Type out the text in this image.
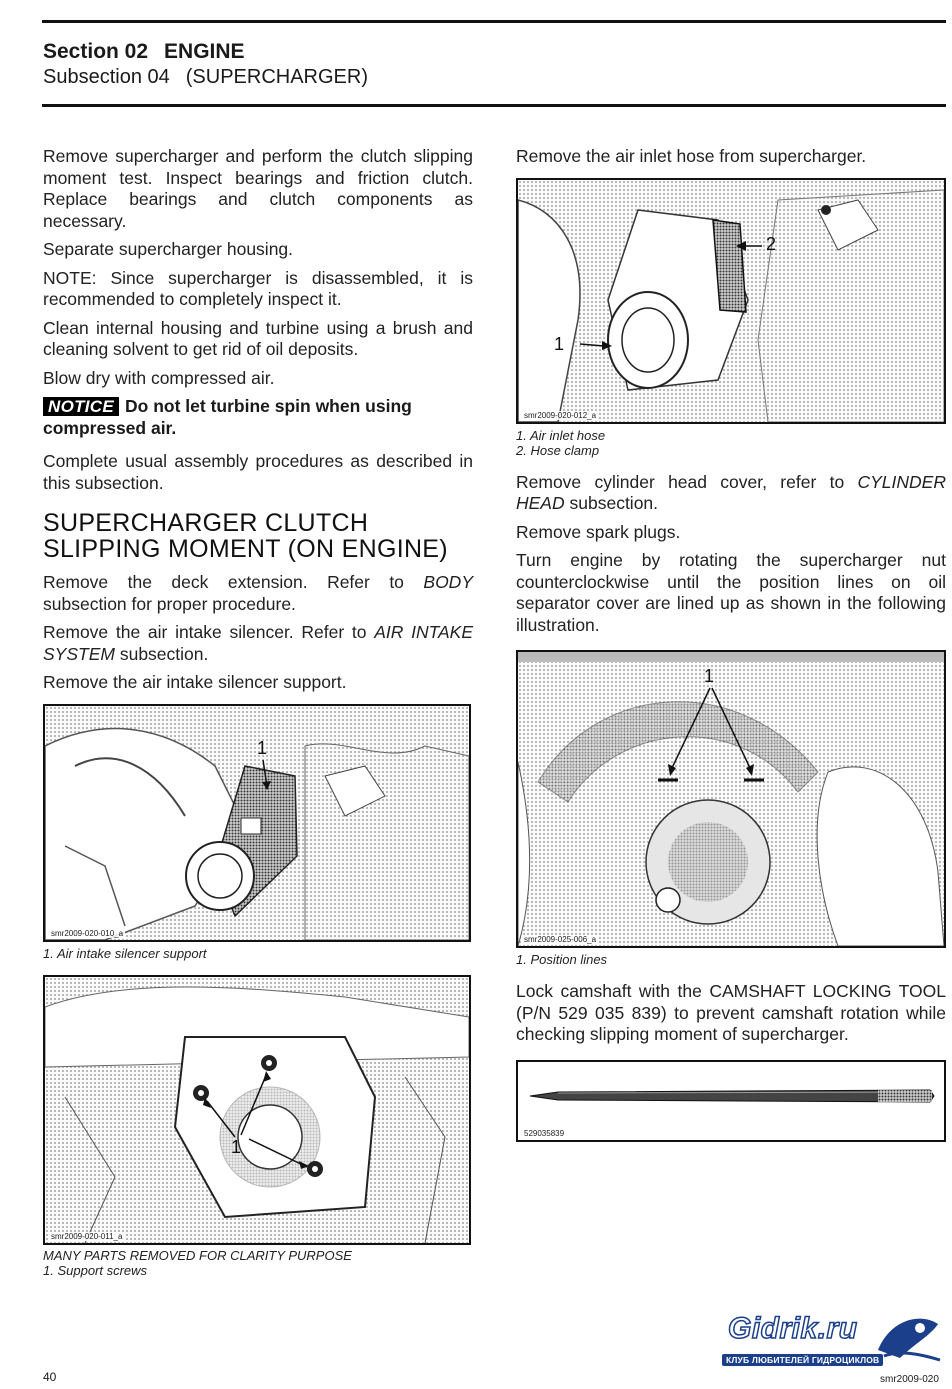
Section 02 ENGINE
Subsection 04 (SUPERCHARGER)

Remove supercharger and perform the clutch slipping moment test. Inspect bearings and friction clutch. Replace bearings and clutch components as necessary.

Separate supercharger housing.

NOTE: Since supercharger is disassembled, it is recommended to completely inspect it.

Clean internal housing and turbine using a brush and cleaning solvent to get rid of oil deposits.

Blow dry with compressed air.

NOTICE Do not let turbine spin when using compressed air.

Complete usual assembly procedures as described in this subsection.

SUPERCHARGER CLUTCH SLIPPING MOMENT (ON ENGINE)

Remove the deck extension. Refer to BODY subsection for proper procedure.

Remove the air intake silencer. Refer to AIR INTAKE SYSTEM subsection.

Remove the air intake silencer support.

1
smr2009-020-010_a
1. Air intake silencer support
1
smr2009-020-011_a
MANY PARTS REMOVED FOR CLARITY PURPOSE
1. Support screws

Remove the air inlet hose from supercharger.

1
2
smr2009-020-012_a
1. Air inlet hose
2. Hose clamp

Remove cylinder head cover, refer to CYLINDER HEAD subsection.

Remove spark plugs.

Turn engine by rotating the supercharger nut counterclockwise until the position lines on oil separator cover are lined up as shown in the following illustration.

1
smr2009-025-006_a
1. Position lines

Lock camshaft with the CAMSHAFT LOCKING TOOL (P/N 529 035 839) to prevent camshaft rotation while checking slipping moment of supercharger.

529035839
40
Gidrik.ru
КЛУБ ЛЮБИТЕЛЕЙ ГИДРОЦИКЛОВ
smr2009-020
